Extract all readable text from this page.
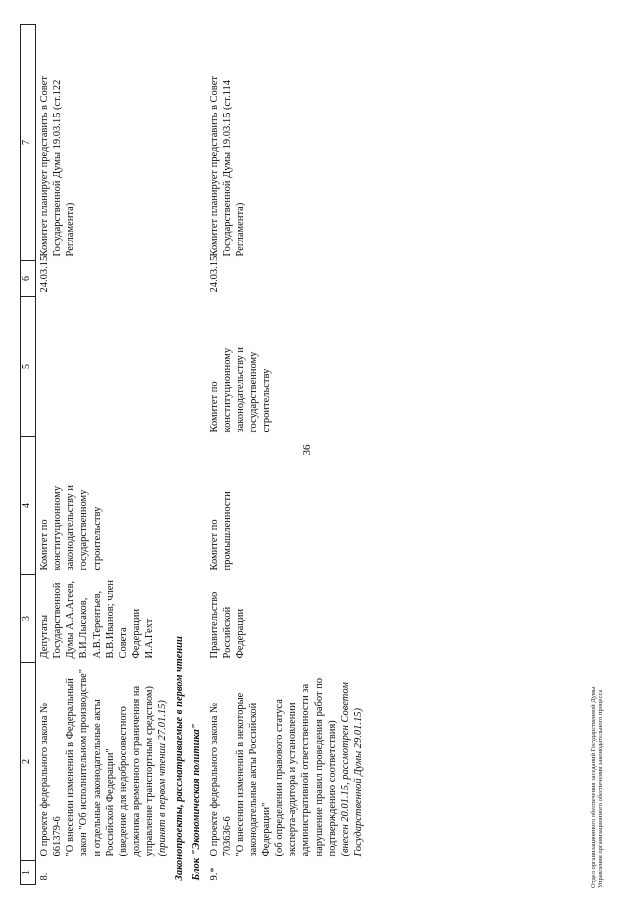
36
1	2	3	4	5	6	7
8.	О проекте федерального закона № 661379-6 "О внесении изменений в Федеральный закон "Об исполнительном производстве" и отдельные законодательные акты Российской Федерации" (введение для недобросовестного должника временного ограничения на управление транспортным средством) (принят в первом чтении 27.01.15)	Депутаты Государственной Думы А.А.Агеев, В.И.Лысаков, А.В.Терентьев, В.В.Иванов; член Совета Федерации И.А.Гехт	Комитет по конституционному законодательству и государственному строительству		24.03.15	Комитет планирует представить в Совет Государственной Думы 19.03.15 (ст.122 Регламента)
Законопроекты, рассматриваемые в первом чтении						
Блок "Экономическая политика"						
9.*	О проекте федерального закона № 703636-6 "О внесении изменений в некоторые законодательные акты Российской Федерации" (об определении правового статуса эксперта-аудитора и установлении административной ответственности за нарушение правил проведения работ по подтверждению соответствия) (внесен 20.01.15, рассмотрен Советом Государственной Думы 29.01.15)	Правительство Российской Федерации	Комитет по промышленности	Комитет по конституционному законодательству и государственному строительству	24.03.15	Комитет планирует представить в Совет Государственной Думы 19.03.15 (ст.114 Регламента)
Отдел организационного обеспечения заседаний Государственной Думы Управления организационного обеспечения законодательного процесса
